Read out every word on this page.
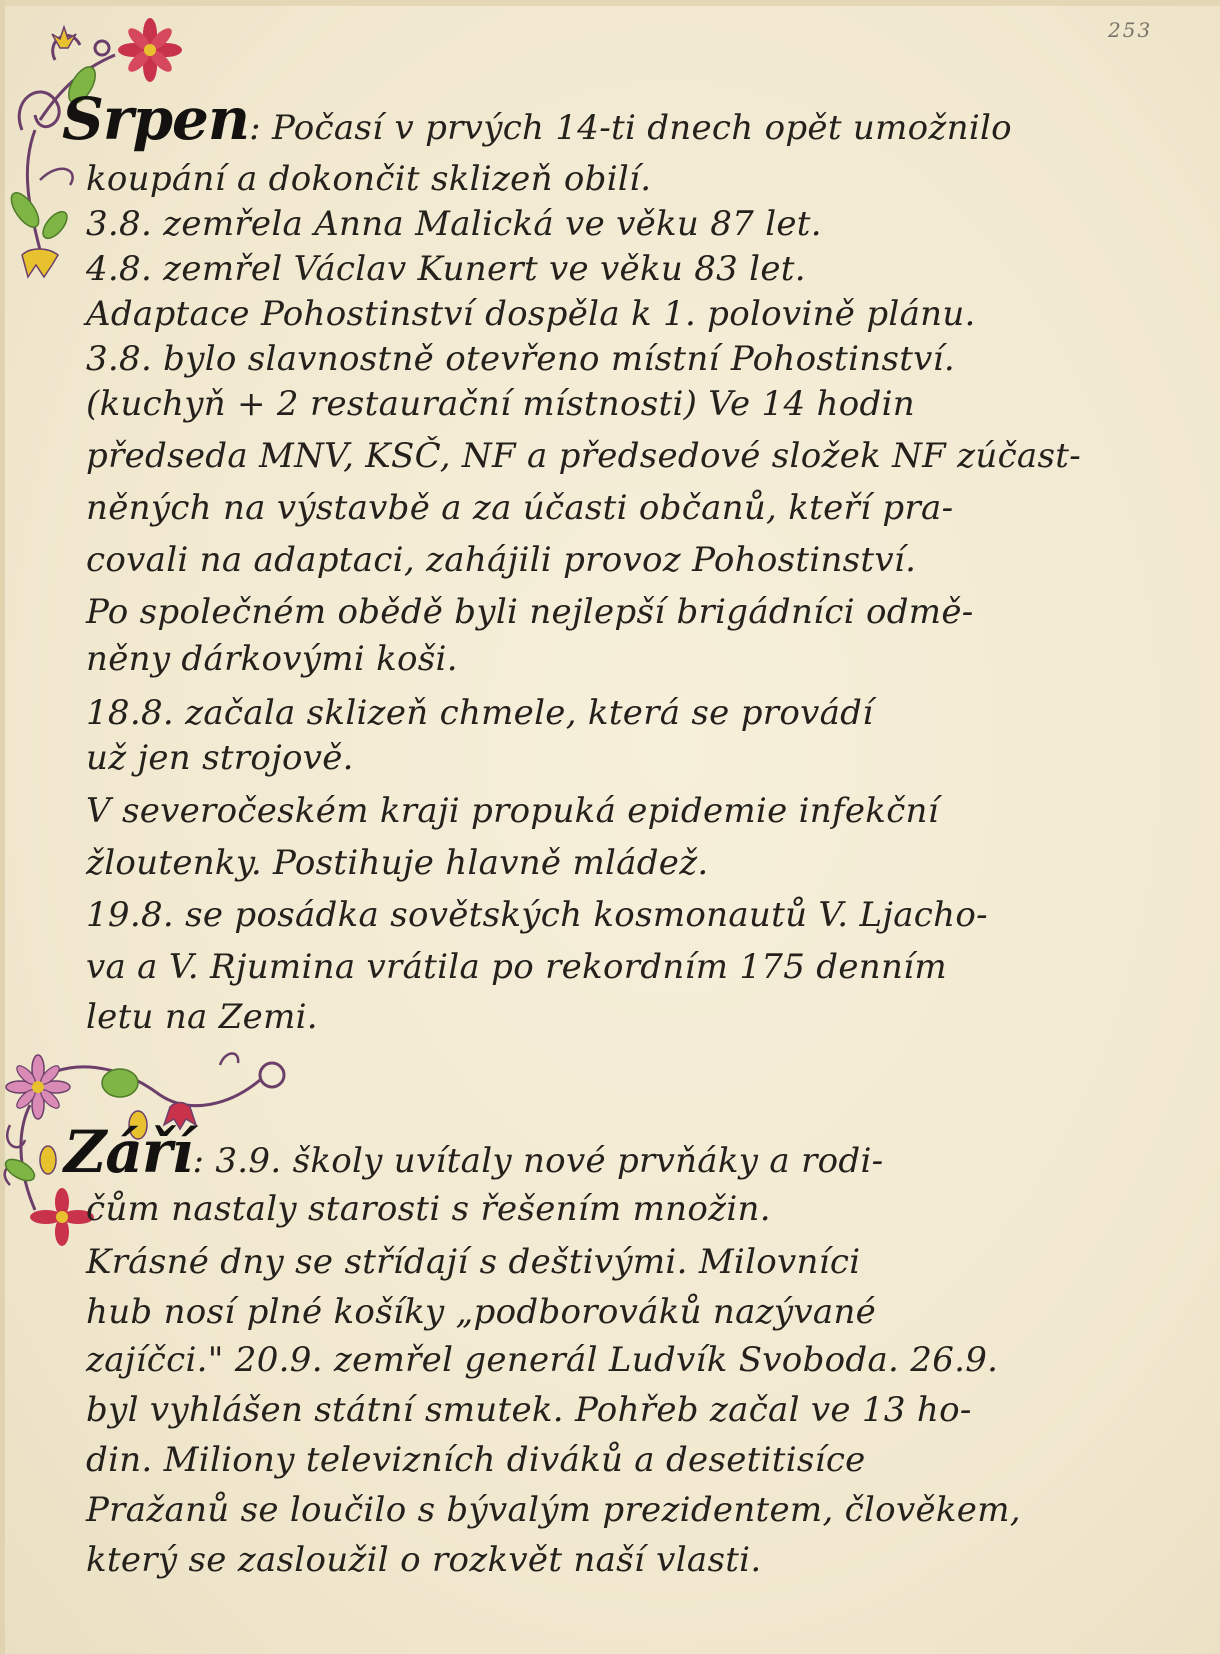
253
Srpen: Počasí v prvých 14-ti dnech opět umožnilo
koupání a dokončit sklizeň obilí.
3.8. zemřela Anna Malická ve věku 87 let.
4.8. zemřel Václav Kunert ve věku 83 let.
Adaptace Pohostinství dospěla k 1. polovině plánu.
3.8. bylo slavnostně otevřeno místní Pohostinství.
(kuchyň + 2 restaurační místnosti) Ve 14 hodin
předseda MNV, KSČ, NF a předsedové složek NF zúčast-
něných na výstavbě a za účasti občanů, kteří pra-
covali na adaptaci, zahájili provoz Pohostinství.
Po společném obědě byli nejlepší brigádníci odmě-
něny dárkovými koši.
18.8. začala sklizeň chmele, která se provádí
už jen strojově.
V severočeském kraji propuká epidemie infekční
žloutenky. Postihuje hlavně mládež.
19.8. se posádka sovětských kosmonautů V. Ljacho-
va a V. Rjumina vrátila po rekordním 175 denním
letu na Zemi.
Září: 3.9. školy uvítaly nové prvňáky a rodi-
čům nastaly starosti s řešením množin.
Krásné dny se střídají s deštivými. Milovníci
hub nosí plné košíky „podborováků nazývané
zajíčci." 20.9. zemřel generál Ludvík Svoboda. 26.9.
byl vyhlášen státní smutek. Pohřeb začal ve 13 ho-
din. Miliony televizních diváků a desetitisíce
Pražanů se loučilo s bývalým prezidentem, člověkem,
který se zasloužil o rozkvět naší vlasti.
